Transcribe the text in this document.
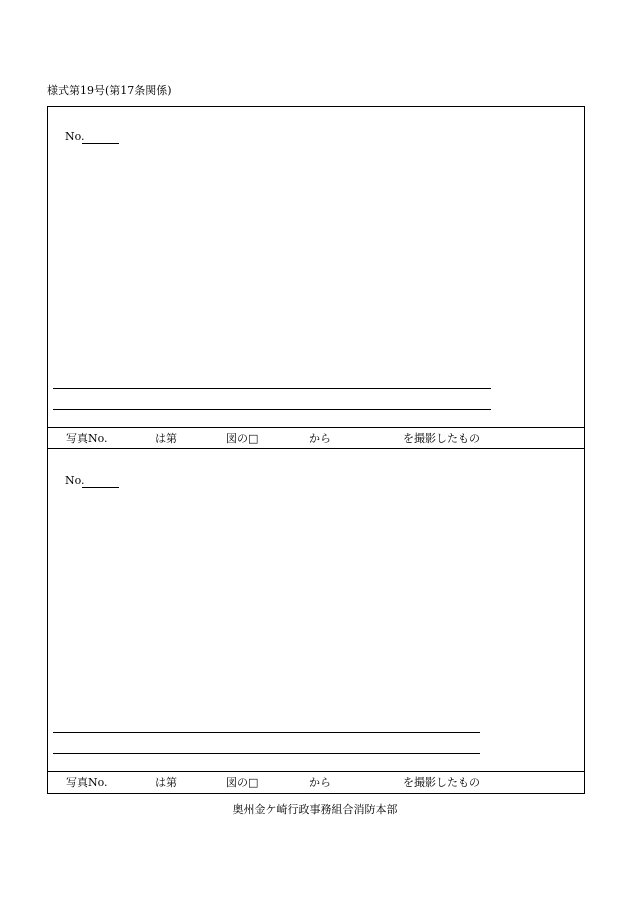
様式第19号(第17条関係)
No.
写真No.	は第	図の□	から	を撮影したもの
No.
写真No.	は第	図の□	から	を撮影したもの
奥州金ケ崎行政事務組合消防本部
